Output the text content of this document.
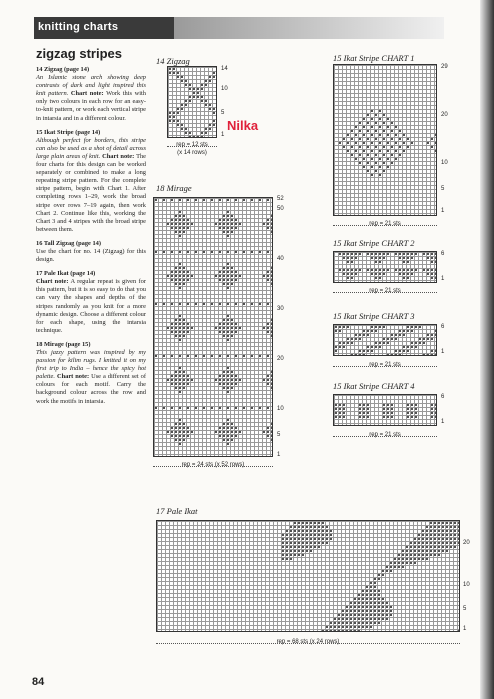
knitting charts
zigzag stripes

14 Zigzag (page 14)
An Islamic stone arch showing deep contrasts of dark and light inspired this knit pattern. Chart note: Work this with only two colours in each row for an easy-to-knit pattern, or work each vertical stripe in intarsia and in a different colour.

15 Ikat Stripe (page 14)
Although perfect for borders, this stripe can also be used as a shot of detail across large plain areas of knit. Chart note: The four charts for this design can be worked separately or combined to make a long repeating stripe pattern. For the complete stripe pattern, begin with Chart 1. After completing rows 1–29, work the broad stripe over rows 7–19 again, then work Chart 2. Continue like this, working the Chart 3 and 4 stripes with the broad stripe between them.

16 Tall Zigzag (page 14)
Use the chart for no. 14 (Zigzag) for this design.

17 Pale Ikat (page 14)
Chart note: A regular repeat is given for this pattern, but it is so easy to do that you can vary the shapes and depths of the stripes randomly as you knit for a more dynamic design. Choose a different colour for each shape, using the intarsia technique.

18 Mirage (page 15)
This jazzy pattern was inspired by my passion for kilim rugs. I knitted it on my first trip to India – hence the spicy hot palette. Chart note: Use a different set of colours for each motif. Carry the background colour across the row and work the motifs in intarsia.

14 Zigzag
14
10
5
1
rep = 12 sts
(x 14 rows)
Nilka
18 Mirage
52
50
40
30
20
10
5
1
rep = 24 sts (x 52 rows)
15 Ikat Stripe CHART 1
29
20
10
5
1
rep = 21 sts
15 Ikat Stripe CHART 2
6
1
rep = 21 sts
15 Ikat Stripe CHART 3
6
1
rep = 21 sts
15 Ikat Stripe CHART 4
6
1
rep = 21 sts
17 Pale Ikat
20
10
5
1
rep = 68 sts (x 24 rows)
84
